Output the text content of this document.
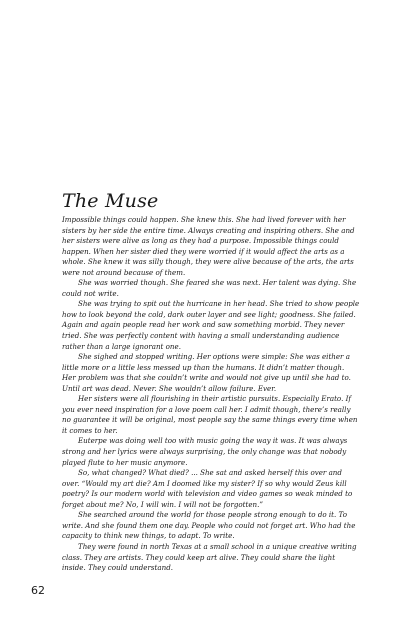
The Muse

Impossible things could happen. She knew this. She had lived forever with her sisters by her side the entire time. Always creating and inspiring others. She and her sisters were alive as long as they had a purpose. Impossible things could happen. When her sister died they were worried if it would affect the arts as a whole. She knew it was silly though, they were alive because of the arts, the arts were not around because of them.

She was worried though. She feared she was next. Her talent was dying. She could not write.

She was trying to spit out the hurricane in her head. She tried to show people how to look beyond the cold, dark outer layer and see light; goodness. She failed. Again and again people read her work and saw something morbid. They never tried. She was perfectly content with having a small understanding audience rather than a large ignorant one.

She sighed and stopped writing. Her options were simple: She was either a little more or a little less messed up than the humans. It didn’t matter though. Her problem was that she couldn’t write and would not give up until she had to. Until art was dead. Never. She wouldn’t allow failure. Ever.

Her sisters were all flourishing in their artistic pursuits. Especially Erato. If you ever need inspiration for a love poem call her. I admit though, there’s really no guarantee it will be original, most people say the same things every time when it comes to her.

Euterpe was doing well too with music going the way it was. It was always strong and her lyrics were always surprising, the only change was that nobody played flute to her music anymore.

So, what changed? What died? ... She sat and asked herself this over and over. “Would my art die? Am I doomed like my sister? If so why would Zeus kill poetry? Is our modern world with television and video games so weak minded to forget about me? No, I will win. I will not be forgotten.”

She searched around the world for those people strong enough to do it. To write. And she found them one day. People who could not forget art. Who had the capacity to think new things, to adapt. To write.

They were found in north Texas at a small school in a unique creative writing class. They are artists. They could keep art alive. They could share the light inside. They could understand.

62
